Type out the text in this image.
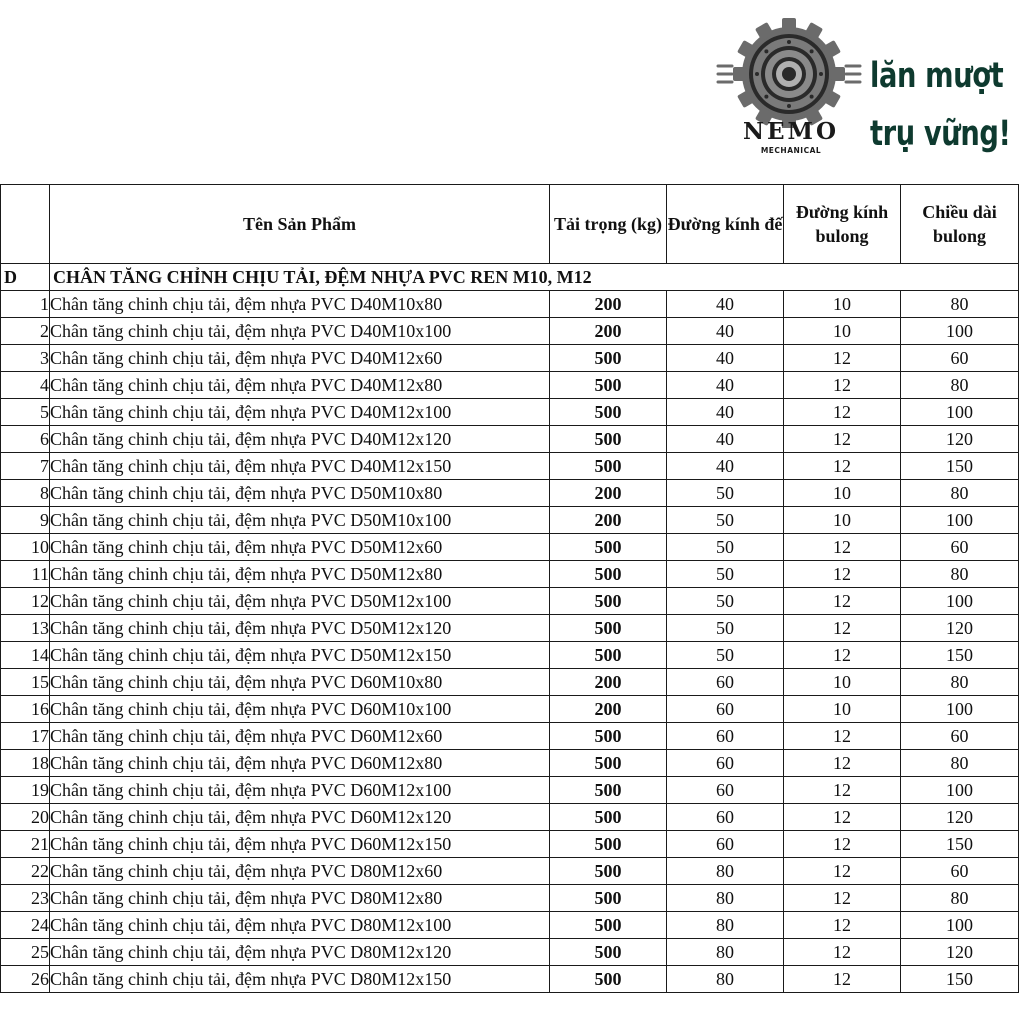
NEMO
MECHANICAL
lăn mượt
trụ vững!
	Tên Sản Phẩm	Tải trọng (kg)	Đường kính đế	Đường kính bulong	Chiều dài bulong
D	CHÂN TĂNG CHỈNH CHỊU TẢI, ĐỆM NHỰA PVC REN M10, M12				
1	Chân tăng chinh chịu tải, đệm nhựa PVC D40M10x80	200	40	10	80
2	Chân tăng chinh chịu tải, đệm nhựa PVC D40M10x100	200	40	10	100
3	Chân tăng chinh chịu tải, đệm nhựa PVC D40M12x60	500	40	12	60
4	Chân tăng chinh chịu tải, đệm nhựa PVC D40M12x80	500	40	12	80
5	Chân tăng chinh chịu tải, đệm nhựa PVC D40M12x100	500	40	12	100
6	Chân tăng chinh chịu tải, đệm nhựa PVC D40M12x120	500	40	12	120
7	Chân tăng chinh chịu tải, đệm nhựa PVC D40M12x150	500	40	12	150
8	Chân tăng chinh chịu tải, đệm nhựa PVC D50M10x80	200	50	10	80
9	Chân tăng chinh chịu tải, đệm nhựa PVC D50M10x100	200	50	10	100
10	Chân tăng chinh chịu tải, đệm nhựa PVC D50M12x60	500	50	12	60
11	Chân tăng chinh chịu tải, đệm nhựa PVC D50M12x80	500	50	12	80
12	Chân tăng chinh chịu tải, đệm nhựa PVC D50M12x100	500	50	12	100
13	Chân tăng chinh chịu tải, đệm nhựa PVC D50M12x120	500	50	12	120
14	Chân tăng chinh chịu tải, đệm nhựa PVC D50M12x150	500	50	12	150
15	Chân tăng chinh chịu tải, đệm nhựa PVC D60M10x80	200	60	10	80
16	Chân tăng chinh chịu tải, đệm nhựa PVC D60M10x100	200	60	10	100
17	Chân tăng chinh chịu tải, đệm nhựa PVC D60M12x60	500	60	12	60
18	Chân tăng chinh chịu tải, đệm nhựa PVC D60M12x80	500	60	12	80
19	Chân tăng chinh chịu tải, đệm nhựa PVC D60M12x100	500	60	12	100
20	Chân tăng chinh chịu tải, đệm nhựa PVC D60M12x120	500	60	12	120
21	Chân tăng chinh chịu tải, đệm nhựa PVC D60M12x150	500	60	12	150
22	Chân tăng chinh chịu tải, đệm nhựa PVC D80M12x60	500	80	12	60
23	Chân tăng chinh chịu tải, đệm nhựa PVC D80M12x80	500	80	12	80
24	Chân tăng chinh chịu tải, đệm nhựa PVC D80M12x100	500	80	12	100
25	Chân tăng chinh chịu tải, đệm nhựa PVC D80M12x120	500	80	12	120
26	Chân tăng chinh chịu tải, đệm nhựa PVC D80M12x150	500	80	12	150
